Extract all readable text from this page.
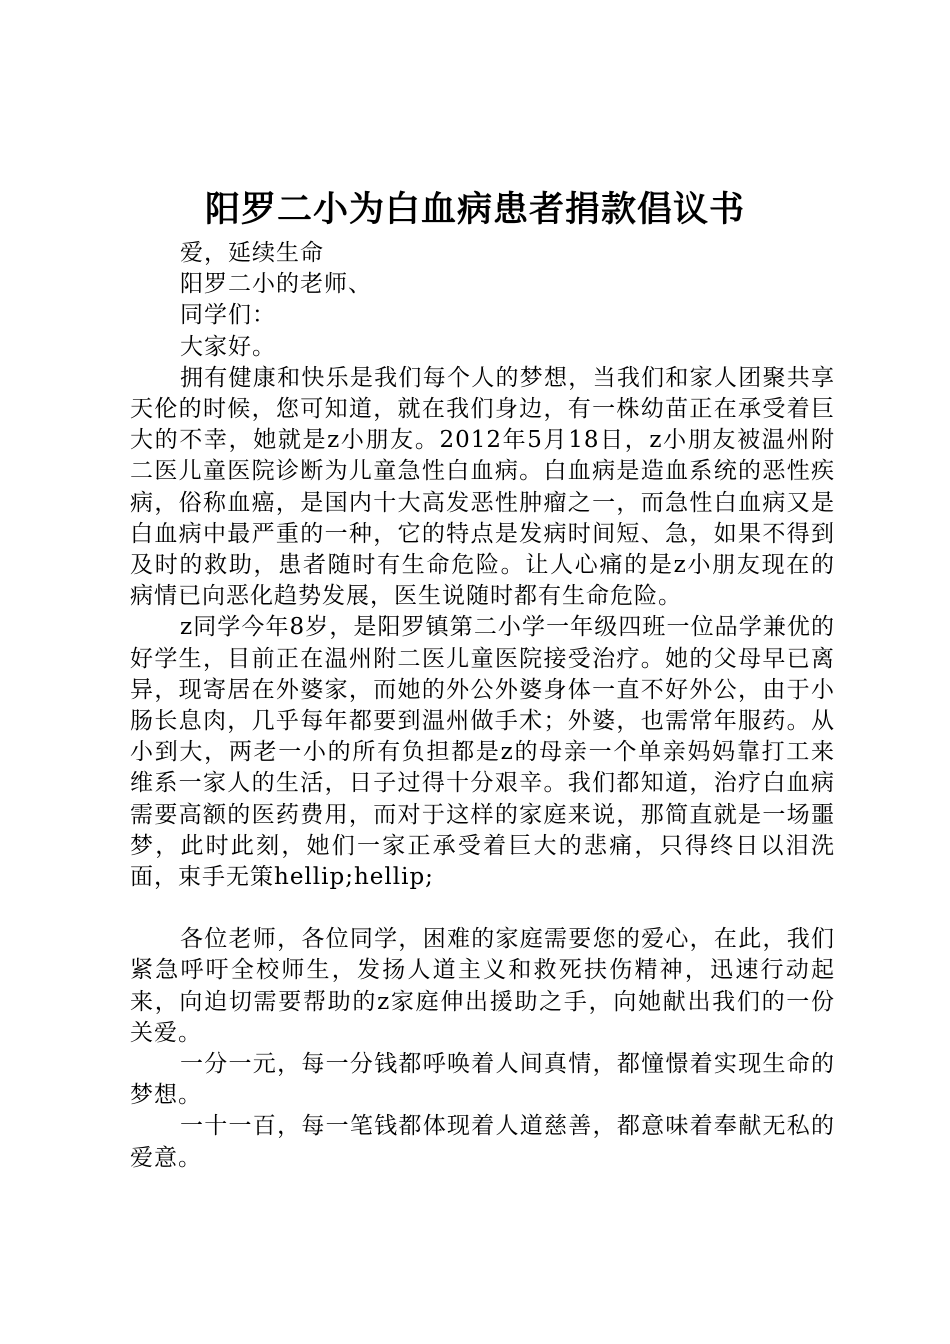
阳罗二小为白血病患者捐款倡议书

爱，延续生命

阳罗二小的老师、

同学们：

大家好。

拥有健康和快乐是我们每个人的梦想，当我们和家人团聚共享天伦的时候，您可知道，就在我们身边，有一株幼苗正在承受着巨大的不幸，她就是z小朋友。2012年5月18日，z小朋友被温州附二医儿童医院诊断为儿童急性白血病。白血病是造血系统的恶性疾病，俗称血癌，是国内十大高发恶性肿瘤之一，而急性白血病又是白血病中最严重的一种，它的特点是发病时间短、急，如果不得到及时的救助，患者随时有生命危险。让人心痛的是z小朋友现在的病情已向恶化趋势发展，医生说随时都有生命危险。

z同学今年8岁，是阳罗镇第二小学一年级四班一位品学兼优的好学生，目前正在温州附二医儿童医院接受治疗。她的父母早已离异，现寄居在外婆家，而她的外公外婆身体一直不好外公，由于小肠长息肉，几乎每年都要到温州做手术；外婆，也需常年服药。从小到大，两老一小的所有负担都是z的母亲一个单亲妈妈靠打工来维系一家人的生活，日子过得十分艰辛。我们都知道，治疗白血病需要高额的医药费用，而对于这样的家庭来说，那简直就是一场噩梦，此时此刻，她们一家正承受着巨大的悲痛，只得终日以泪洗面，束手无策hellip;hellip;

各位老师，各位同学，困难的家庭需要您的爱心，在此，我们紧急呼吁全校师生，发扬人道主义和救死扶伤精神，迅速行动起来，向迫切需要帮助的z家庭伸出援助之手，向她献出我们的一份关爱。

一分一元，每一分钱都呼唤着人间真情，都憧憬着实现生命的梦想。

一十一百，每一笔钱都体现着人道慈善，都意味着奉献无私的爱意。
